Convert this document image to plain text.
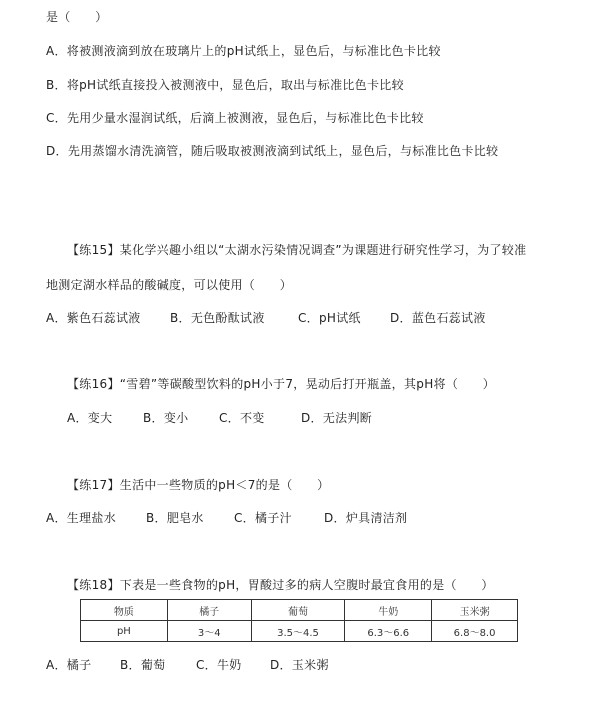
是（　　）
A．将被测液滴到放在玻璃片上的pH试纸上，显色后，与标准比色卡比较
B．将pH试纸直接投入被测液中，显色后，取出与标准比色卡比较
C．先用少量水湿润试纸，后滴上被测液，显色后，与标准比色卡比较
D．先用蒸馏水清洗滴管，随后吸取被测液滴到试纸上，显色后，与标准比色卡比较
【练15】某化学兴趣小组以“太湖水污染情况调查”为课题进行研究性学习，为了较准
地测定湖水样品的酸碱度，可以使用（　　）
A．紫色石蕊试液 B．无色酚酞试液	C．pH试纸 D．蓝色石蕊试液
【练16】“雪碧”等碳酸型饮料的pH小于7，晃动后打开瓶盖，其pH将（　　）
A．变大	B．变小	C．不变	D．无法判断
【练17】生活中一些物质的pH＜7的是（　　）
A．生理盐水 B．肥皂水	C．橘子汁	D．炉具清洁剂
【练18】下表是一些食物的pH，胃酸过多的病人空腹时最宜食用的是（　　）
物质	橘子	葡萄	牛奶	玉米粥
pH	3～4	3.5～4.5	6.3～6.6	6.8～8.0
A．橘子 B．葡萄	C．牛奶 D．玉米粥
